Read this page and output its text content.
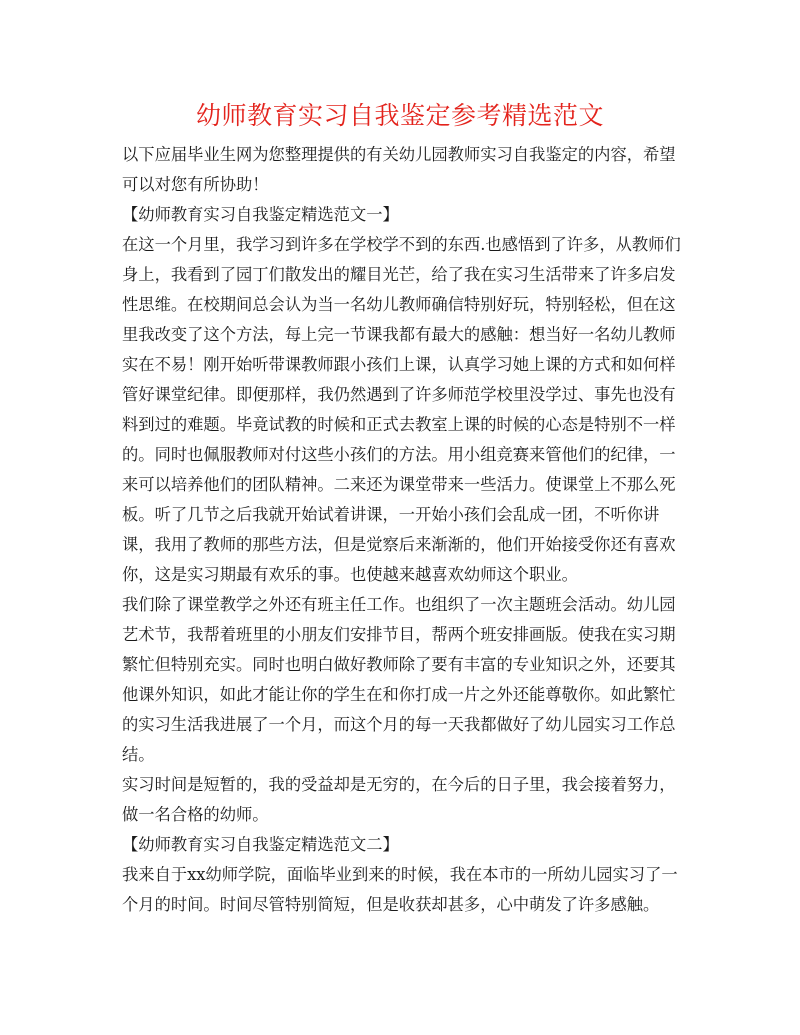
幼师教育实习自我鉴定参考精选范文

以下应届毕业生网为您整理提供的有关幼儿园教师实习自我鉴定的内容，希望可以对您有所协助！

【幼师教育实习自我鉴定精选范文一】

在这一个月里，我学习到许多在学校学不到的东西.也感悟到了许多，从教师们身上，我看到了园丁们散发出的耀目光芒，给了我在实习生活带来了许多启发性思维。在校期间总会认为当一名幼儿教师确信特别好玩，特别轻松，但在这里我改变了这个方法，每上完一节课我都有最大的感触：想当好一名幼儿教师实在不易！刚开始听带课教师跟小孩们上课，认真学习她上课的方式和如何样管好课堂纪律。即便那样，我仍然遇到了许多师范学校里没学过、事先也没有料到过的难题。毕竟试教的时候和正式去教室上课的时候的心态是特别不一样的。同时也佩服教师对付这些小孩们的方法。用小组竞赛来管他们的纪律，一来可以培养他们的团队精神。二来还为课堂带来一些活力。使课堂上不那么死板。听了几节之后我就开始试着讲课，一开始小孩们会乱成一团，不听你讲课，我用了教师的那些方法，但是觉察后来渐渐的，他们开始接受你还有喜欢你，这是实习期最有欢乐的事。也使越来越喜欢幼师这个职业。

我们除了课堂教学之外还有班主任工作。也组织了一次主题班会活动。幼儿园艺术节，我帮着班里的小朋友们安排节目，帮两个班安排画版。使我在实习期繁忙但特别充实。同时也明白做好教师除了要有丰富的专业知识之外，还要其他课外知识，如此才能让你的学生在和你打成一片之外还能尊敬你。如此繁忙的实习生活我进展了一个月，而这个月的每一天我都做好了幼儿园实习工作总结。

实习时间是短暂的，我的受益却是无穷的，在今后的日子里，我会接着努力，做一名合格的幼师。

【幼师教育实习自我鉴定精选范文二】

我来自于xx幼师学院，面临毕业到来的时候，我在本市的一所幼儿园实习了一个月的时间。时间尽管特别简短，但是收获却甚多，心中萌发了许多感触。
